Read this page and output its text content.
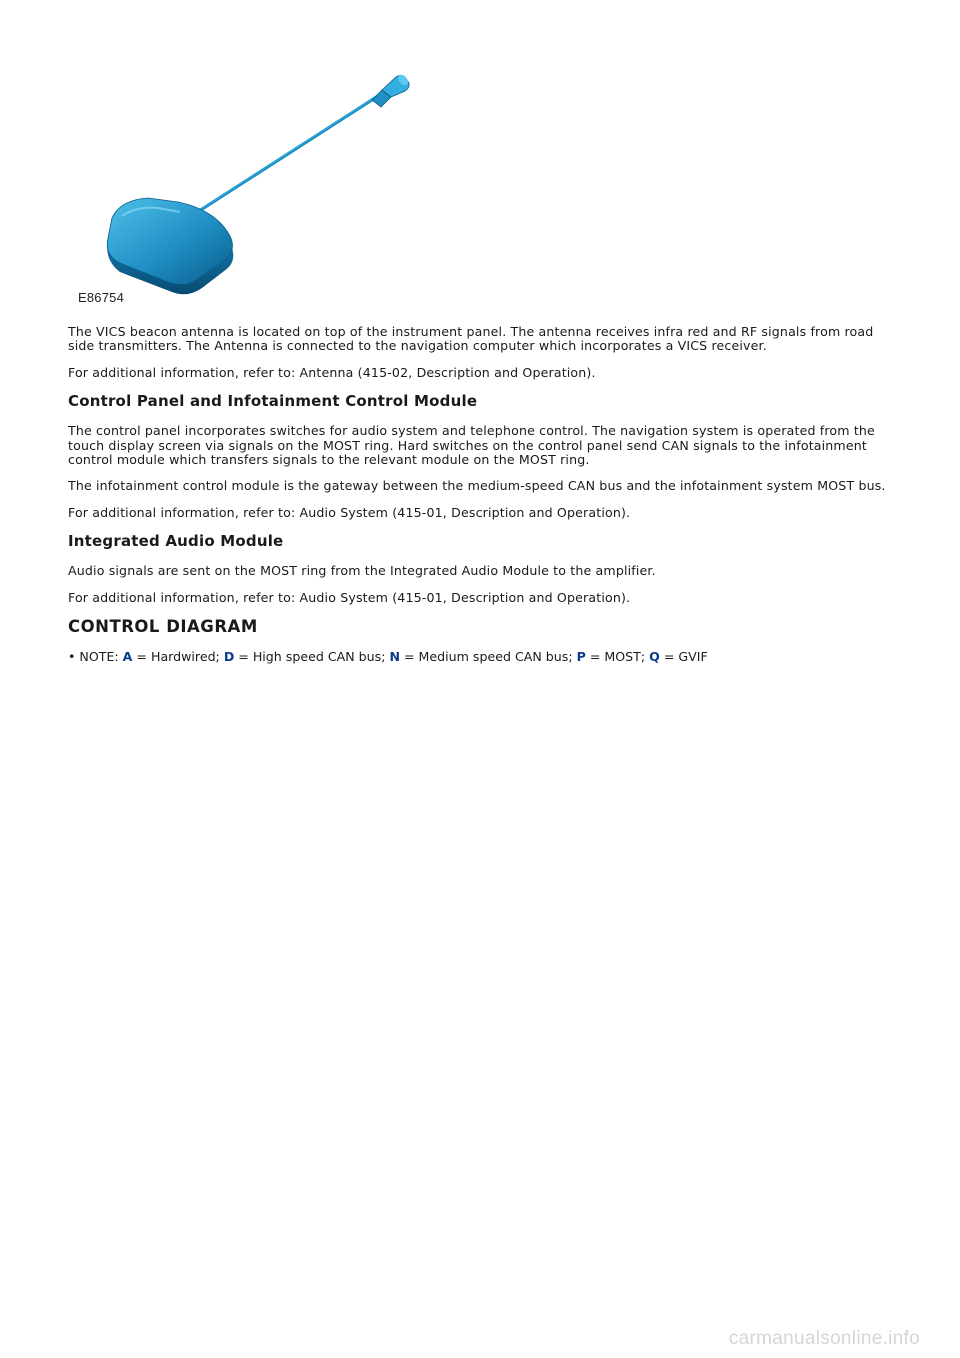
E86754

The VICS beacon antenna is located on top of the instrument panel. The antenna receives infra red and RF signals from road side transmitters. The Antenna is connected to the navigation computer which incorporates a VICS receiver.

For additional information, refer to: Antenna (415-02, Description and Operation).

Control Panel and Infotainment Control Module

The control panel incorporates switches for audio system and telephone control. The navigation system is operated from the touch display screen via signals on the MOST ring. Hard switches on the control panel send CAN signals to the infotainment control module which transfers signals to the relevant module on the MOST ring.

The infotainment control module is the gateway between the medium-speed CAN bus and the infotainment system MOST bus.

For additional information, refer to: Audio System (415-01, Description and Operation).

Integrated Audio Module

Audio signals are sent on the MOST ring from the Integrated Audio Module to the amplifier.

For additional information, refer to: Audio System (415-01, Description and Operation).

CONTROL DIAGRAM
• NOTE: A = Hardwired; D = High speed CAN bus; N = Medium speed CAN bus; P = MOST; Q = GVIF
carmanualsonline.info
